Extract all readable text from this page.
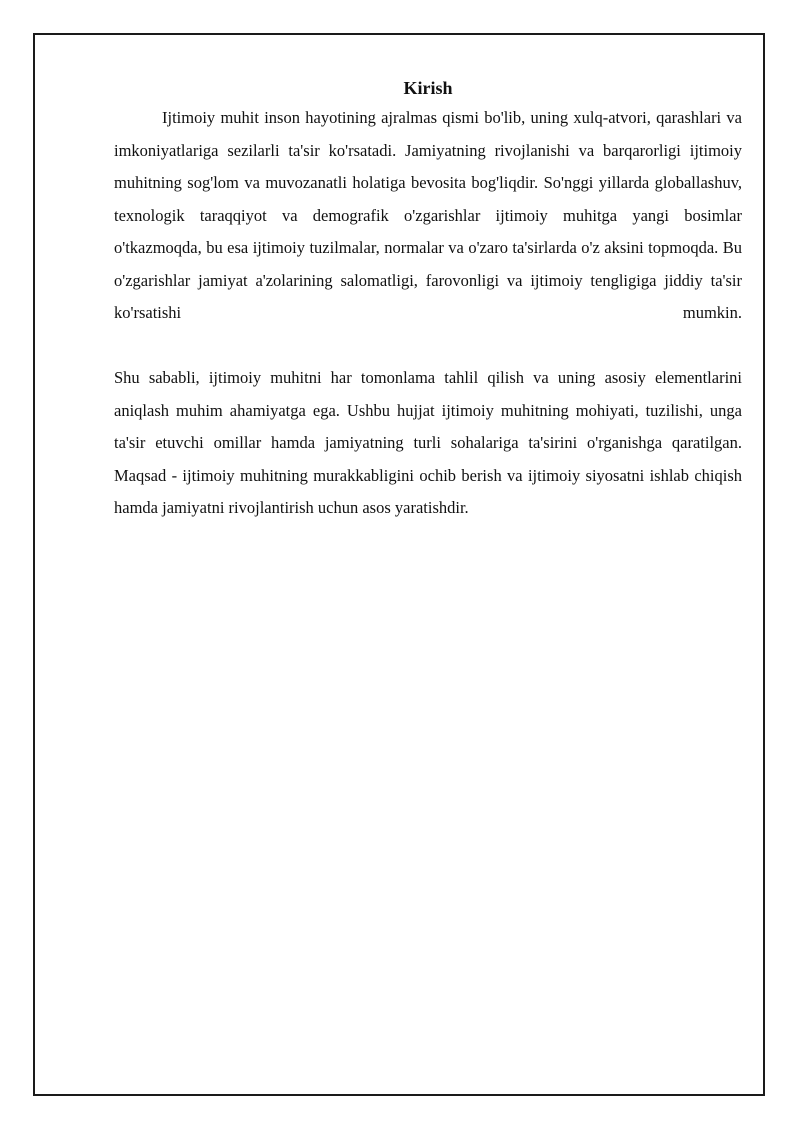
Kirish

Ijtimoiy muhit inson hayotining ajralmas qismi bo'lib, uning xulq-atvori, qarashlari va imkoniyatlariga sezilarli ta'sir ko'rsatadi. Jamiyatning rivojlanishi va barqarorligi ijtimoiy muhitning sog'lom va muvozanatli holatiga bevosita bog'liqdir. So'nggi yillarda globallashuv, texnologik taraqqiyot va demografik o'zgarishlar ijtimoiy muhitga yangi bosimlar o'tkazmoqda, bu esa ijtimoiy tuzilmalar, normalar va o'zaro ta'sirlarda o'z aksini topmoqda. Bu o'zgarishlar jamiyat a'zolarining salomatligi, farovonligi va ijtimoiy tengligiga jiddiy ta'sir ko'rsatishi mumkin.

Shu sababli, ijtimoiy muhitni har tomonlama tahlil qilish va uning asosiy elementlarini aniqlash muhim ahamiyatga ega. Ushbu hujjat ijtimoiy muhitning mohiyati, tuzilishi, unga ta'sir etuvchi omillar hamda jamiyatning turli sohalariga ta'sirini o'rganishga qaratilgan. Maqsad - ijtimoiy muhitning murakkabligini ochib berish va ijtimoiy siyosatni ishlab chiqish hamda jamiyatni rivojlantirish uchun asos yaratishdir.
